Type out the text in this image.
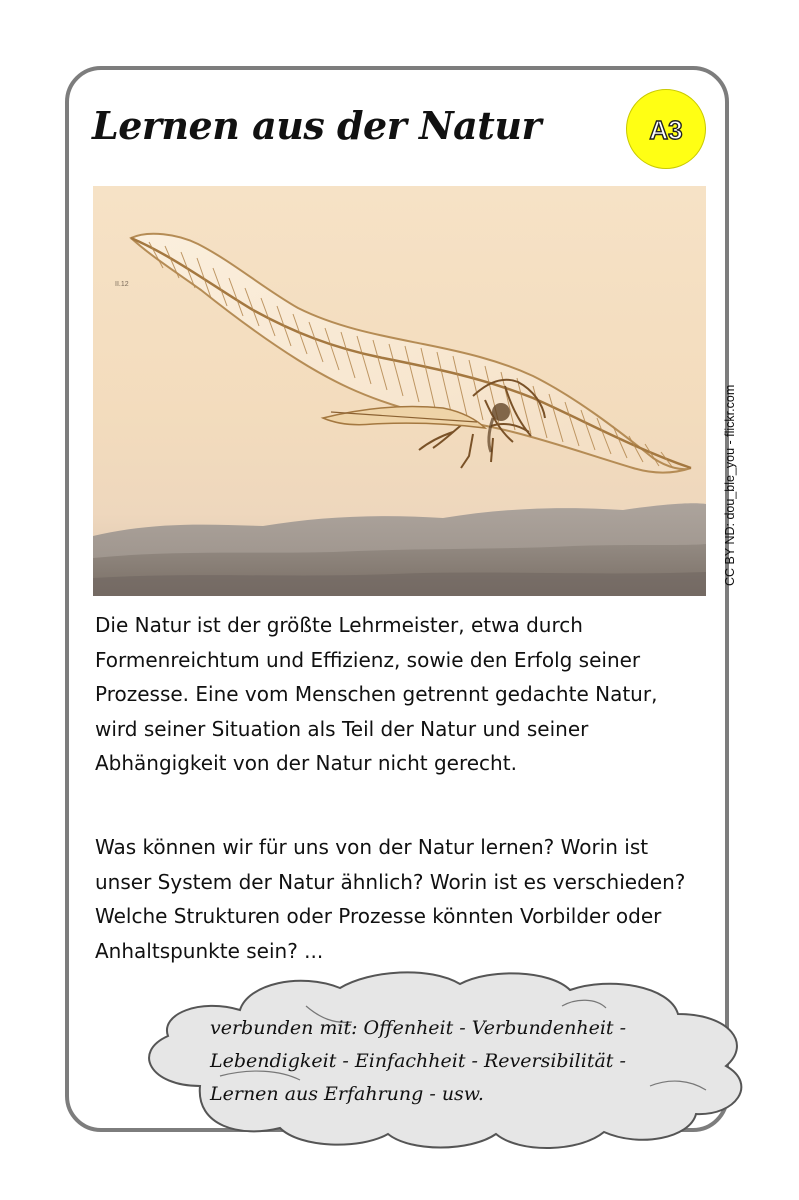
Lernen aus der Natur	A3
II.12
CC BY ND: dou_ble_you - flickr.com

Die Natur ist der größte Lehrmeister, etwa durch Formenreichtum und Effizienz, sowie den Erfolg seiner Prozesse. Eine vom Menschen getrennt gedachte Natur, wird seiner Situation als Teil der Natur und seiner Abhängigkeit von der Natur nicht gerecht.

Was können wir für uns von der Natur lernen? Worin ist unser System der Natur ähnlich? Worin ist es verschieden? Welche Strukturen oder Prozesse könnten Vorbilder oder Anhaltspunkte sein? ...

verbunden mit: Offenheit - Verbundenheit -
Lebendigkeit - Einfachheit - Reversibilität -
Lernen aus Erfahrung - usw.
